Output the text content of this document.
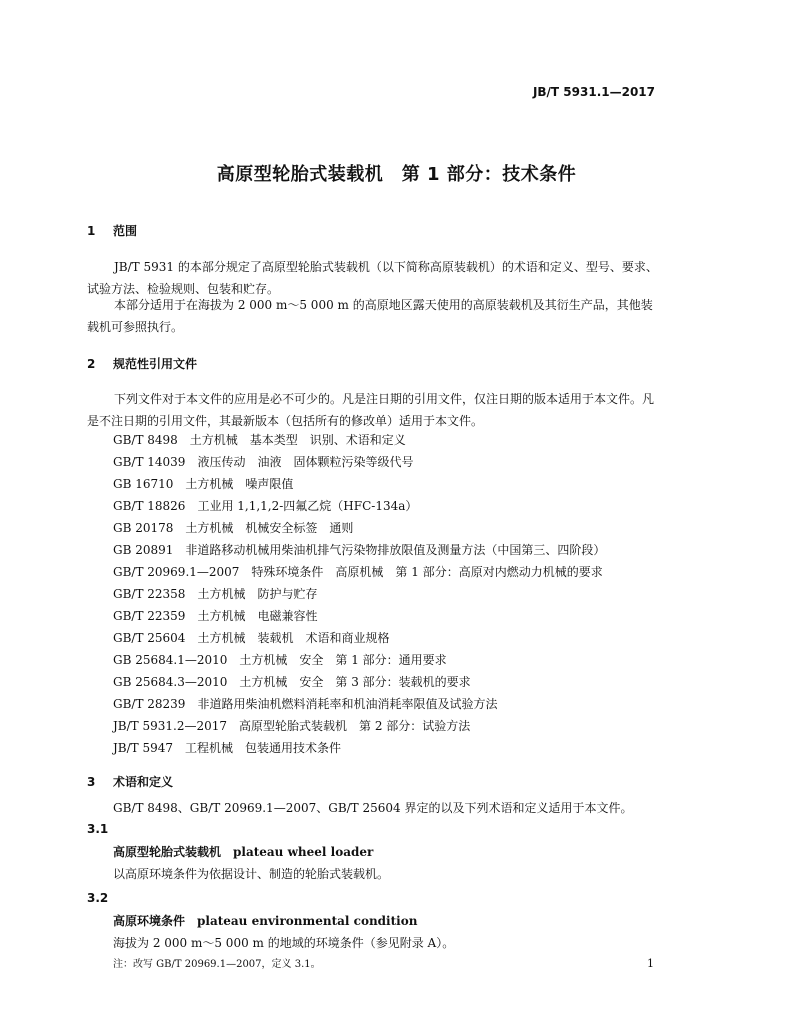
JB/T 5931.1—2017
高原型轮胎式装载机　第 1 部分：技术条件
1 范围
JB/T 5931 的本部分规定了高原型轮胎式装载机（以下简称高原装载机）的术语和定义、型号、要求、试验方法、检验规则、包装和贮存。
本部分适用于在海拔为 2 000 m～5 000 m 的高原地区露天使用的高原装载机及其衍生产品，其他装载机可参照执行。
2 规范性引用文件
下列文件对于本文件的应用是必不可少的。凡是注日期的引用文件，仅注日期的版本适用于本文件。凡是不注日期的引用文件，其最新版本（包括所有的修改单）适用于本文件。
GB/T 8498　土方机械　基本类型　识别、术语和定义
GB/T 14039　液压传动　油液　固体颗粒污染等级代号
GB 16710　土方机械　噪声限值
GB/T 18826　工业用 1,1,1,2-四氟乙烷（HFC-134a）
GB 20178　土方机械　机械安全标签　通则
GB 20891　非道路移动机械用柴油机排气污染物排放限值及测量方法（中国第三、四阶段）
GB/T 20969.1—2007　特殊环境条件　高原机械　第 1 部分：高原对内燃动力机械的要求
GB/T 22358　土方机械　防护与贮存
GB/T 22359　土方机械　电磁兼容性
GB/T 25604　土方机械　装载机　术语和商业规格
GB 25684.1—2010　土方机械　安全　第 1 部分：通用要求
GB 25684.3—2010　土方机械　安全　第 3 部分：装载机的要求
GB/T 28239　非道路用柴油机燃料消耗率和机油消耗率限值及试验方法
JB/T 5931.2—2017　高原型轮胎式装载机　第 2 部分：试验方法
JB/T 5947　工程机械　包装通用技术条件
3 术语和定义
GB/T 8498、GB/T 20969.1—2007、GB/T 25604 界定的以及下列术语和定义适用于本文件。
3.1
高原型轮胎式装载机　plateau wheel loader
以高原环境条件为依据设计、制造的轮胎式装载机。
3.2
高原环境条件　plateau environmental condition
海拔为 2 000 m～5 000 m 的地域的环境条件（参见附录 A）。
注：改写 GB/T 20969.1—2007，定义 3.1。	1
